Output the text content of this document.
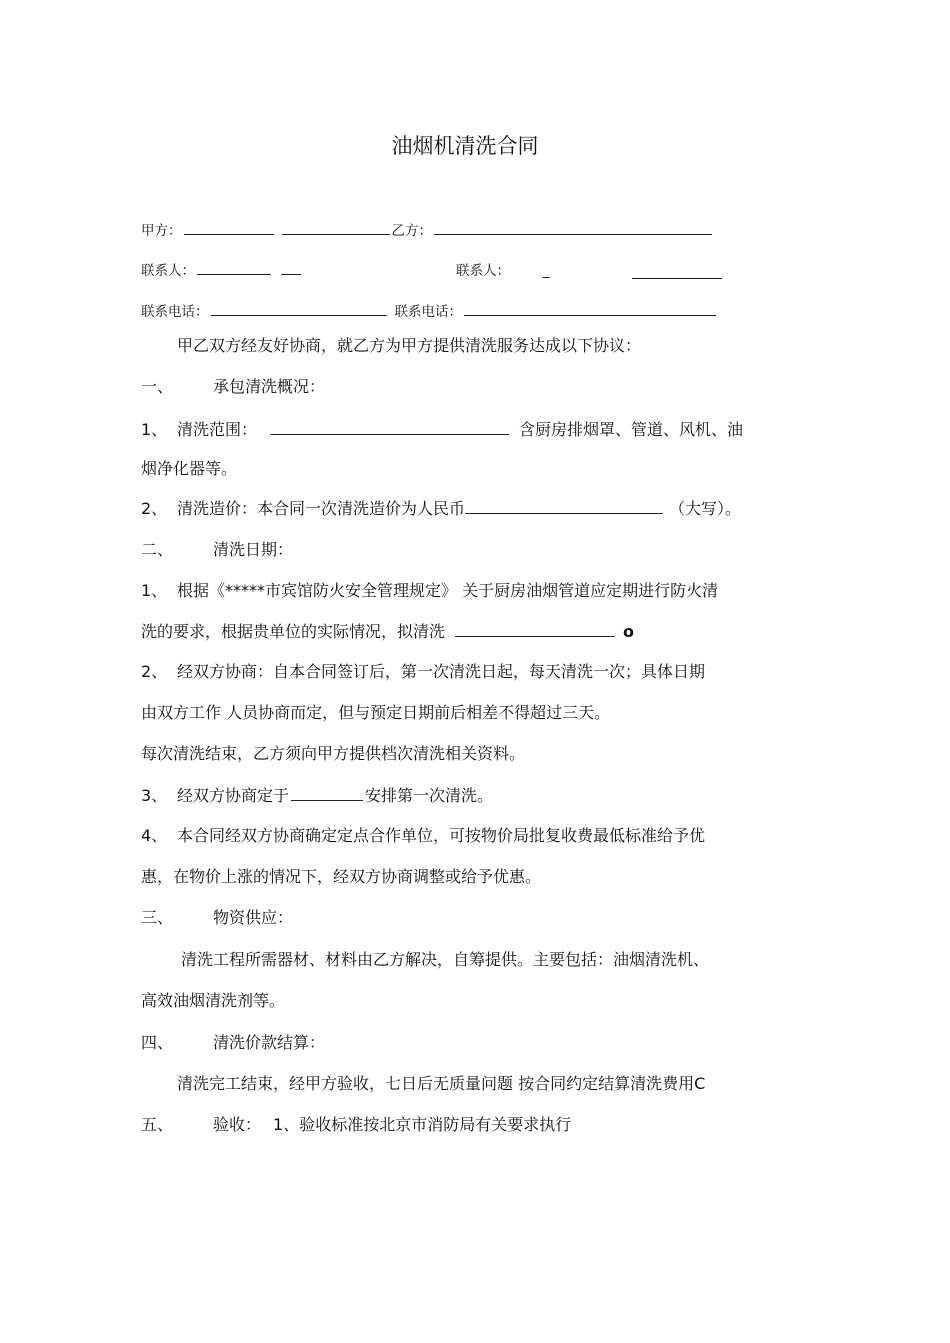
油烟机清洗合同
甲方：	乙方：
联系人：	联系人： _
联系电话：	联系电话：
甲乙双方经友好协商，就乙方为甲方提供清洗服务达成以下协议：
一、 承包清洗概况：
1、 清洗范围：	含厨房排烟罩、管道、风机、油
烟净化器等。
2、 清洗造价：本合同一次清洗造价为人民币	（大写）。
二、 清洗日期：
1、 根据《*****市宾馆防火安全管理规定》 关于厨房油烟管道应定期进行防火清
洗的要求，根据贵单位的实际情况，拟清洗	o
2、 经双方协商：自本合同签订后，第一次清洗日起，每天清洗一次；具体日期
由双方工作 人员协商而定，但与预定日期前后相差不得超过三天。
每次清洗结束，乙方须向甲方提供档次清洗相关资料。
3、 经双方协商定于	安排第一次清洗。
4、 本合同经双方协商确定定点合作单位，可按物价局批复收费最低标准给予优
惠，在物价上涨的情况下，经双方协商调整或给予优惠。
三、 物资供应：
清洗工程所需器材、材料由乙方解决，自筹提供。主要包括：油烟清洗机、
高效油烟清洗剂等。
四、 清洗价款结算：
清洗完工结束，经甲方验收，七日后无质量问题 按合同约定结算清洗费用C
五、 验收： 1、验收标准按北京市消防局有关要求执行
